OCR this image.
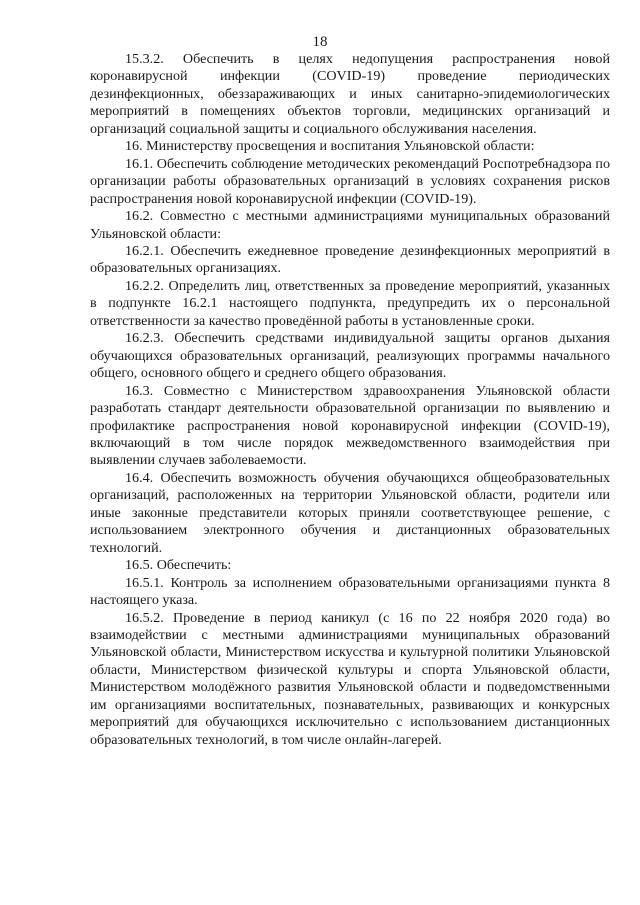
18

15.3.2. Обеспечить в целях недопущения распространения новой коронавирусной инфекции (COVID-19) проведение периодических дезинфекционных, обеззараживающих и иных санитарно-эпидемиологических мероприятий в помещениях объектов торговли, медицинских организаций и организаций социальной защиты и социального обслуживания населения.

16. Министерству просвещения и воспитания Ульяновской области:

16.1. Обеспечить соблюдение методических рекомендаций Роспотребнадзора по организации работы образовательных организаций в условиях сохранения рисков распространения новой коронавирусной инфекции (COVID-19).

16.2. Совместно с местными администрациями муниципальных образований Ульяновской области:

16.2.1. Обеспечить ежедневное проведение дезинфекционных мероприятий в образовательных организациях.

16.2.2. Определить лиц, ответственных за проведение мероприятий, указанных в подпункте 16.2.1 настоящего подпункта, предупредить их о персональной ответственности за качество проведённой работы в установленные сроки.

16.2.3. Обеспечить средствами индивидуальной защиты органов дыхания обучающихся образовательных организаций, реализующих программы начального общего, основного общего и среднего общего образования.

16.3. Совместно с Министерством здравоохранения Ульяновской области разработать стандарт деятельности образовательной организации по выявлению и профилактике распространения новой коронавирусной инфекции (COVID-19), включающий в том числе порядок межведомственного взаимодействия при выявлении случаев заболеваемости.

16.4. Обеспечить возможность обучения обучающихся общеобразовательных организаций, расположенных на территории Ульяновской области, родители или иные законные представители которых приняли соответствующее решение, с использованием электронного обучения и дистанционных образовательных технологий.

16.5. Обеспечить:

16.5.1. Контроль за исполнением образовательными организациями пункта 8 настоящего указа.

16.5.2. Проведение в период каникул (с 16 по 22 ноября 2020 года) во взаимодействии с местными администрациями муниципальных образований Ульяновской области, Министерством искусства и культурной политики Ульяновской области, Министерством физической культуры и спорта Ульяновской области, Министерством молодёжного развития Ульяновской области и подведомственными им организациями воспитательных, познавательных, развивающих и конкурсных мероприятий для обучающихся исключительно с использованием дистанционных образовательных технологий, в том числе онлайн-лагерей.
